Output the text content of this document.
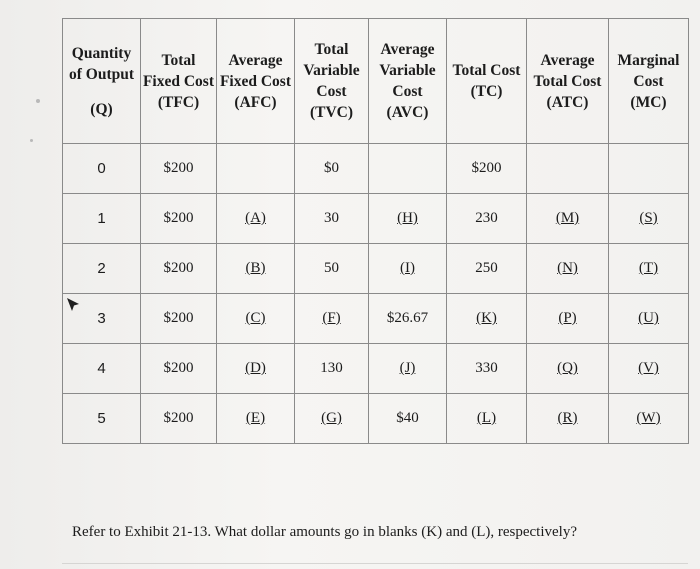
Quantity
of Output
(Q)	Total
Fixed Cost
(TFC)	Average
Fixed Cost
(AFC)	Total
Variable
Cost
(TVC)	Average
Variable
Cost
(AVC)	Total Cost
(TC)	Average
Total Cost
(ATC)	Marginal
Cost
(MC)

0	$200		$0		$200		
1	$200	(A)	30	(H)	230	(M)	(S)
2	$200	(B)	50	(I)	250	(N)	(T)
3	$200	(C)	(F)	$26.67	(K)	(P)	(U)
4	$200	(D)	130	(J)	330	(Q)	(V)
5	$200	(E)	(G)	$40	(L)	(R)	(W)
Refer to Exhibit 21-13. What dollar amounts go in blanks (K) and (L), respectively?
